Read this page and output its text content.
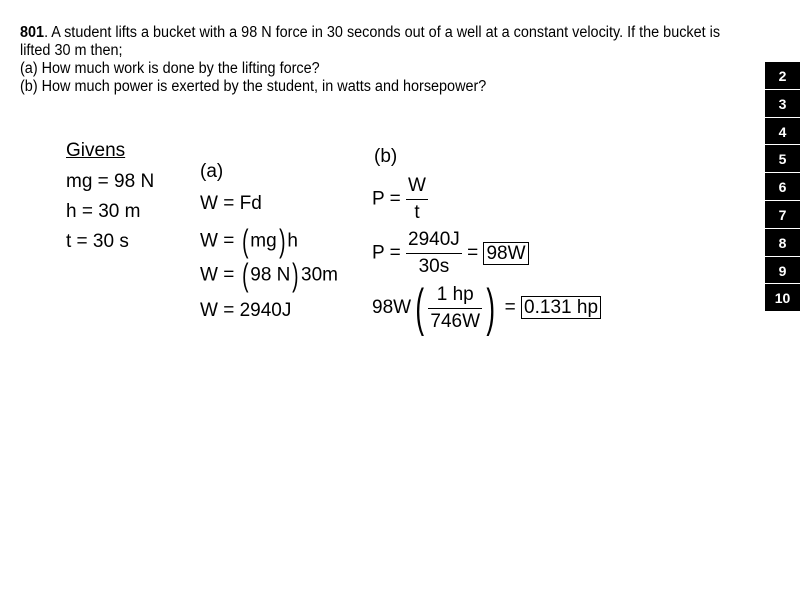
801. A student lifts a bucket with a 98 N force in 30 seconds out of a well at a constant velocity. If the bucket is lifted 30 m then;
(a) How much work is done by the lifting force?
(b) How much power is exerted by the student, in watts and horsepower?
2
3
4
5
6
7
8
9
10
Givens
mg = 98 N
h = 30 m
t = 30 s
(a)
W = Fd
W = ( mg) h
W = ( 98 N) 30m
W = 2940J
(b)
$P = \frac{W}{t}$
$P = \frac{2940J}{30s} = 98W$
$98W( \frac{1 hp}{746W}$ ) = 0.131 hp
